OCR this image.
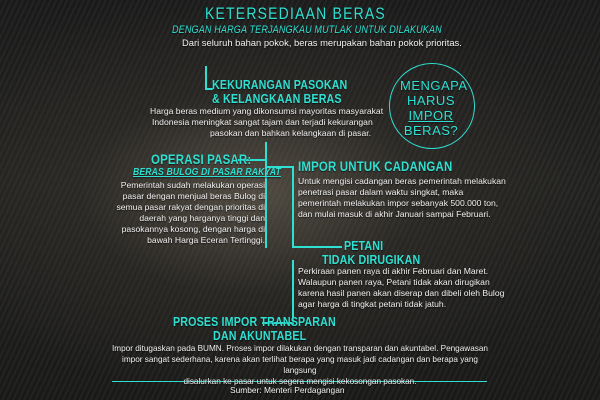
KETERSEDIAAN BERAS
DENGAN HARGA TERJANGKAU MUTLAK UNTUK DILAKUKAN
Dari seluruh bahan pokok, beras merupakan bahan pokok prioritas.
MENGAPA
HARUS
IMPOR
BERAS?
KEKURANGAN PASOKAN
& KELANGKAAN BERAS
Harga beras medium yang dikonsumsi mayoritas masyarakat
Indonesia meningkat sangat tajam dan terjadi kekurangan
pasokan dan bahkan kelangkaan di pasar.
OPERASI PASAR:
BERAS BULOG DI PASAR RAKYAT
Pemerintah sudah melakukan operasi
pasar dengan menjual beras Bulog di
semua pasar rakyat dengan prioritas di
daerah yang harganya tinggi dan
pasokannya kosong, dengan harga di
bawah Harga Eceran Tertinggi.
IMPOR UNTUK CADANGAN
Untuk mengisi cadangan beras pemerintah melakukan
penetrasi pasar dalam waktu singkat, maka
pemerintah melakukan impor sebanyak 500.000 ton,
dan mulai masuk di akhir Januari sampai Februari.
PETANI
TIDAK DIRUGIKAN
Perkiraan panen raya di akhir Februari dan Maret.
Walaupun panen raya, Petani tidak akan dirugikan
karena hasil panen akan diserap dan dibeli oleh Bulog
agar harga di tingkat petani tidak jatuh.
PROSES IMPOR TRANSPARAN
DAN AKUNTABEL
Impor ditugaskan pada BUMN. Proses impor dilakukan dengan transparan dan akuntabel. Pengawasan
impor sangat sederhana, karena akan terlihat berapa yang masuk jadi cadangan dan berapa yang langsung
disalurkan ke pasar untuk segera mengisi kekosongan pasokan.
Sumber: Menteri Perdagangan
